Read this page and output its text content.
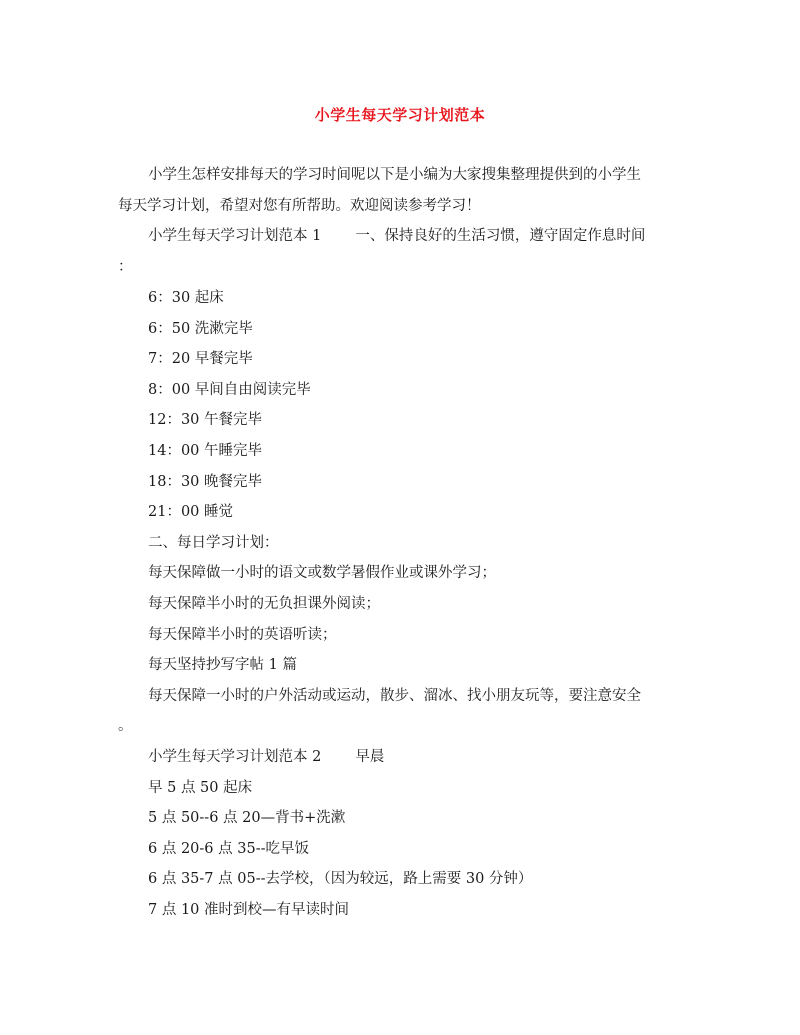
小学生每天学习计划范本
小学生怎样安排每天的学习时间呢以下是小编为大家搜集整理提供到的小学生
每天学习计划，希望对您有所帮助。欢迎阅读参考学习！
小学生每天学习计划范本 1 一、保持良好的生活习惯，遵守固定作息时间
：
6：30 起床
6：50 洗漱完毕
7：20 早餐完毕
8：00 早间自由阅读完毕
12：30 午餐完毕
14：00 午睡完毕
18：30 晚餐完毕
21：00 睡觉
二、每日学习计划：
每天保障做一小时的语文或数学暑假作业或课外学习；
每天保障半小时的无负担课外阅读；
每天保障半小时的英语听读；
每天坚持抄写字帖 1 篇
每天保障一小时的户外活动或运动，散步、溜冰、找小朋友玩等，要注意安全
。
小学生每天学习计划范本 2 早晨
早 5 点 50 起床
5 点 50--6 点 20—背书+洗漱
6 点 20-6 点 35--吃早饭
6 点 35-7 点 05--去学校，（因为较远，路上需要 30 分钟）
7 点 10 准时到校—有早读时间
